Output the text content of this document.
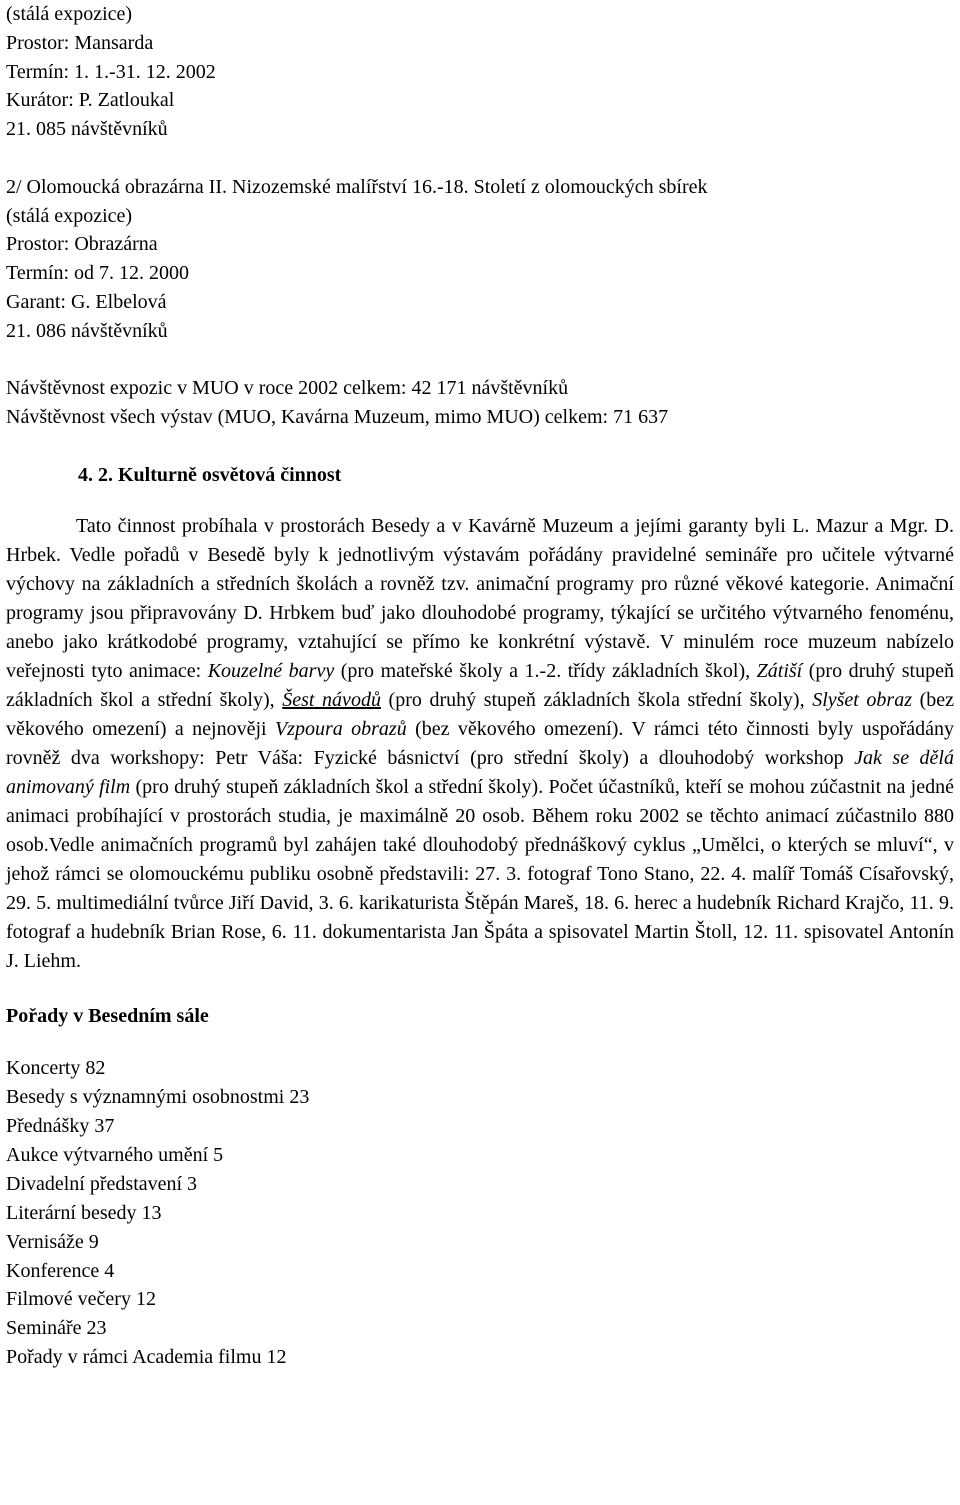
(stálá expozice)
Prostor: Mansarda
Termín: 1. 1.-31. 12. 2002
Kurátor: P. Zatloukal
21. 085 návštěvníků
2/ Olomoucká obrazárna II. Nizozemské malířství 16.-18. Století z olomouckých sbírek
(stálá expozice)
Prostor: Obrazárna
Termín: od 7. 12. 2000
Garant: G. Elbelová
21. 086 návštěvníků
Návštěvnost expozic v MUO v roce 2002 celkem: 42 171 návštěvníků
Návštěvnost všech výstav (MUO, Kavárna Muzeum, mimo MUO) celkem: 71 637
4. 2. Kulturně osvětová činnost

Tato činnost probíhala v prostorách Besedy a v Kavárně Muzeum a jejími garanty byli L. Mazur a Mgr. D. Hrbek. Vedle pořadů v Besedě byly k jednotlivým výstavám pořádány pravidelné semináře pro učitele výtvarné výchovy na základních a středních školách a rovněž tzv. animační programy pro různé věkové kategorie. Animační programy jsou připravovány D. Hrbkem buď jako dlouhodobé programy, týkající se určitého výtvarného fenoménu, anebo jako krátkodobé programy, vztahující se přímo ke konkrétní výstavě. V minulém roce muzeum nabízelo veřejnosti tyto animace: Kouzelné barvy (pro mateřské školy a 1.-2. třídy základních škol), Zátiší (pro druhý stupeň základních škol a střední školy), Šest návodů (pro druhý stupeň základních škola střední školy), Slyšet obraz (bez věkového omezení) a nejnověji Vzpoura obrazů (bez věkového omezení). V rámci této činnosti byly uspořádány rovněž dva workshopy: Petr Váša: Fyzické básnictví (pro střední školy) a dlouhodobý workshop Jak se dělá animovaný film (pro druhý stupeň základních škol a střední školy). Počet účastníků, kteří se mohou zúčastnit na jedné animaci probíhající v prostorách studia, je maximálně 20 osob. Během roku 2002 se těchto animací zúčastnilo 880 osob.Vedle animačních programů byl zahájen také dlouhodobý přednáškový cyklus „Umělci, o kterých se mluví“, v jehož rámci se olomouckému publiku osobně představili: 27. 3. fotograf Tono Stano, 22. 4. malíř Tomáš Císařovský, 29. 5. multimediální tvůrce Jiří David, 3. 6. karikaturista Štěpán Mareš, 18. 6. herec a hudebník Richard Krajčo, 11. 9. fotograf a hudebník Brian Rose, 6. 11. dokumentarista Jan Špáta a spisovatel Martin Štoll, 12. 11. spisovatel Antonín J. Liehm.

Pořady v Besedním sále
Koncerty 82
Besedy s významnými osobnostmi 23
Přednášky 37
Aukce výtvarného umění 5
Divadelní představení 3
Literární besedy 13
Vernisáže 9
Konference 4
Filmové večery 12
Semináře 23
Pořady v rámci Academia filmu 12
